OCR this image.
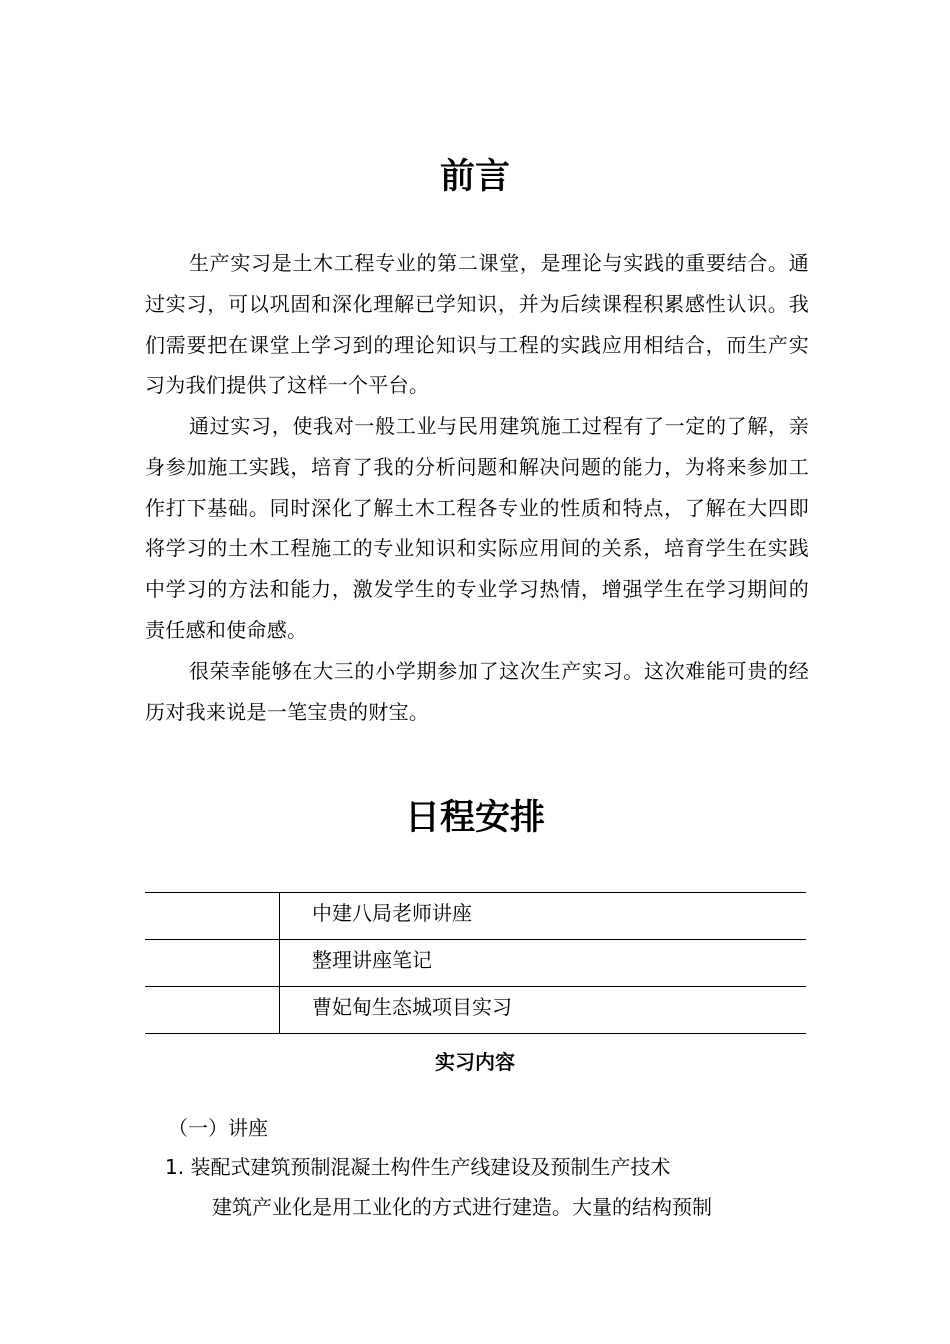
前言

生产实习是土木工程专业的第二课堂，是理论与实践的重要结合。通过实习，可以巩固和深化理解已学知识，并为后续课程积累感性认识。我们需要把在课堂上学习到的理论知识与工程的实践应用相结合，而生产实习为我们提供了这样一个平台。

通过实习，使我对一般工业与民用建筑施工过程有了一定的了解，亲身参加施工实践，培育了我的分析问题和解决问题的能力，为将来参加工作打下基础。同时深化了解土木工程各专业的性质和特点，了解在大四即将学习的土木工程施工的专业知识和实际应用间的关系，培育学生在实践中学习的方法和能力，激发学生的专业学习热情，增强学生在学习期间的责任感和使命感。

很荣幸能够在大三的小学期参加了这次生产实习。这次难能可贵的经历对我来说是一笔宝贵的财宝。

日程安排
	中建八局老师讲座
	整理讲座笔记
	曹妃甸生态城项目实习
实习内容

（一）讲座

1. 装配式建筑预制混凝土构件生产线建设及预制生产技术

建筑产业化是用工业化的方式进行建造。大量的结构预制
